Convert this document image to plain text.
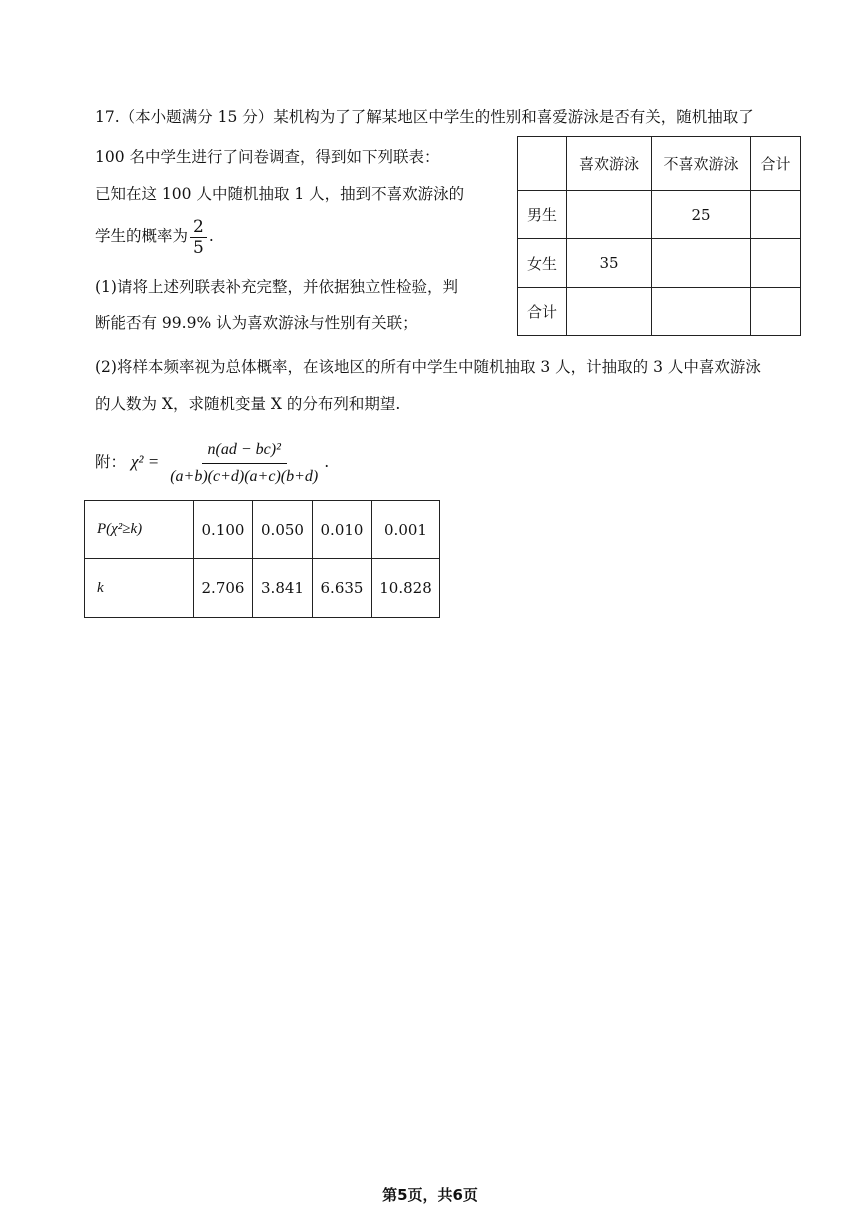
17.（本小题满分 15 分）某机构为了了解某地区中学生的性别和喜爱游泳是否有关，随机抽取了
100 名中学生进行了问卷调查，得到如下列联表：
已知在这 100 人中随机抽取 1 人，抽到不喜欢游泳的
学生的概率为 $\frac{2}{5}$ .
(1)请将上述列联表补充完整，并依据独立性检验，判
断能否有 99.9% 认为喜欢游泳与性别有关联；
(2)将样本频率视为总体概率，在该地区的所有中学生中随机抽取 3 人，计抽取的 3 人中喜欢游泳
的人数为 X，求随机变量 X 的分布列和期望.
	喜欢游泳	不喜欢游泳	合计
男生		25	
女生	35		
合计			
附： $\chi^2 = \frac{\text{n(ad − bc)²}}{(a+b)(c+d)(a+c)(b+d)}$ .
P(χ²≥k)	0.100	0.050	0.010	0.001
k	2.706	3.841	6.635	10.828
第5页，共6页
